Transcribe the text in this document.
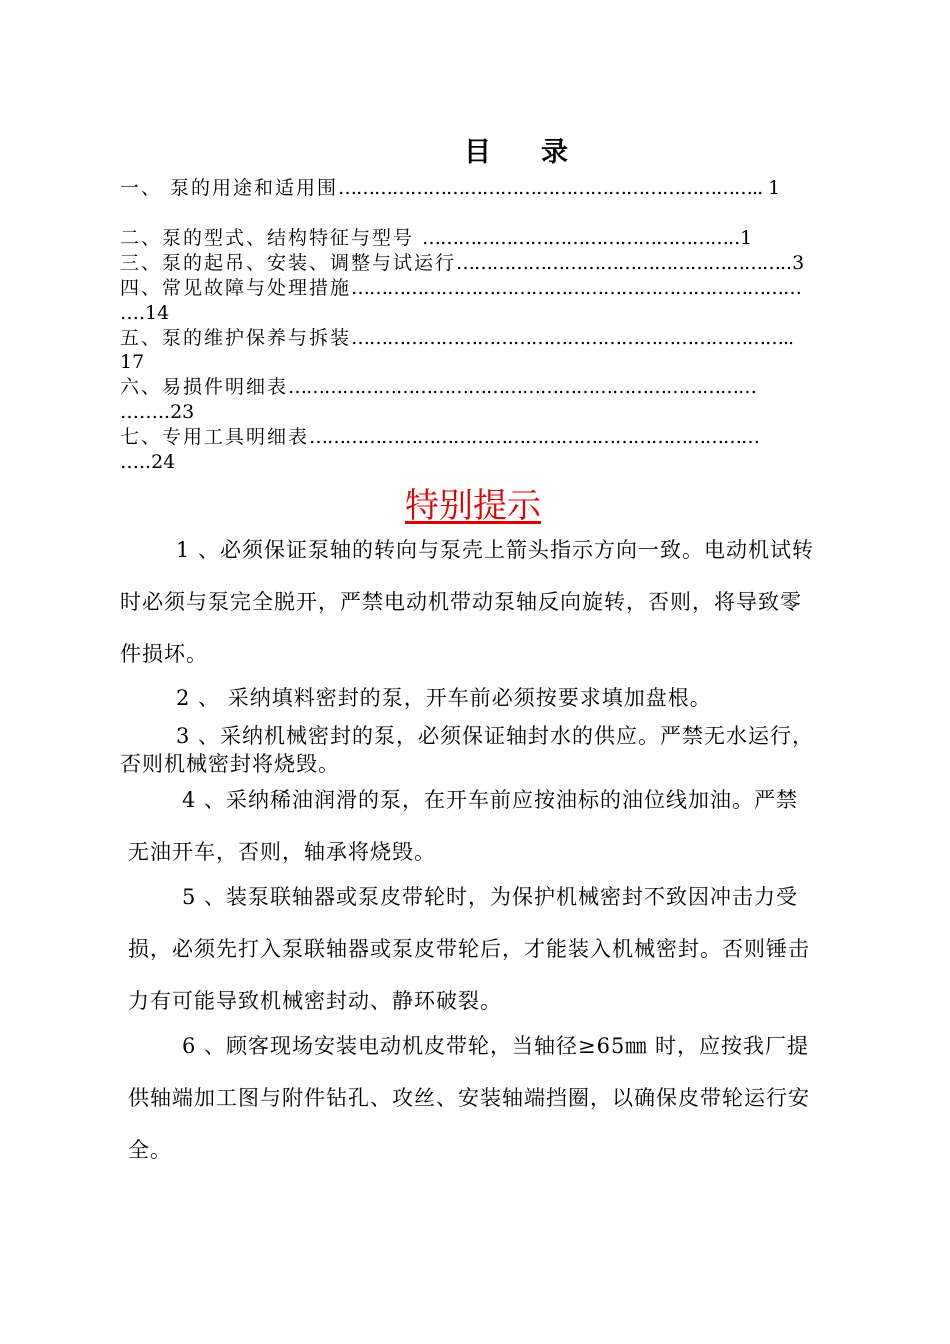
目 录
一、 泵的用途和适用围…………………………………………………………….. 1
二、泵的型式、结构特征与型号 ……………………………………………..1
三、泵的起吊、安装、调整与试运行………………………………………………..3
四、常见故障与处理措施…………………………………………………………………
….14
五、泵的维护保养与拆装………………………………………………………………..
17
六、易损件明细表……………………………………………………………………
……..23
七、专用工具明细表…………………………………………………………………
…..24
特别提示
1 、必须保证泵轴的转向与泵壳上箭头指示方向一致。电动机试转
时必须与泵完全脱开，严禁电动机带动泵轴反向旋转，否则，将导致零
件损坏。
2 、 采纳填料密封的泵，开车前必须按要求填加盘根。
3 、采纳机械密封的泵，必须保证轴封水的供应。严禁无水运行，
否则机械密封将烧毁。
4 、采纳稀油润滑的泵，在开车前应按油标的油位线加油。严禁
无油开车，否则，轴承将烧毁。
5 、装泵联轴器或泵皮带轮时，为保护机械密封不致因冲击力受
损，必须先打入泵联轴器或泵皮带轮后，才能装入机械密封。否则锤击
力有可能导致机械密封动、静环破裂。
6 、顾客现场安装电动机皮带轮，当轴径≥65㎜ 时，应按我厂提
供轴端加工图与附件钻孔、攻丝、安装轴端挡圈，以确保皮带轮运行安
全。
